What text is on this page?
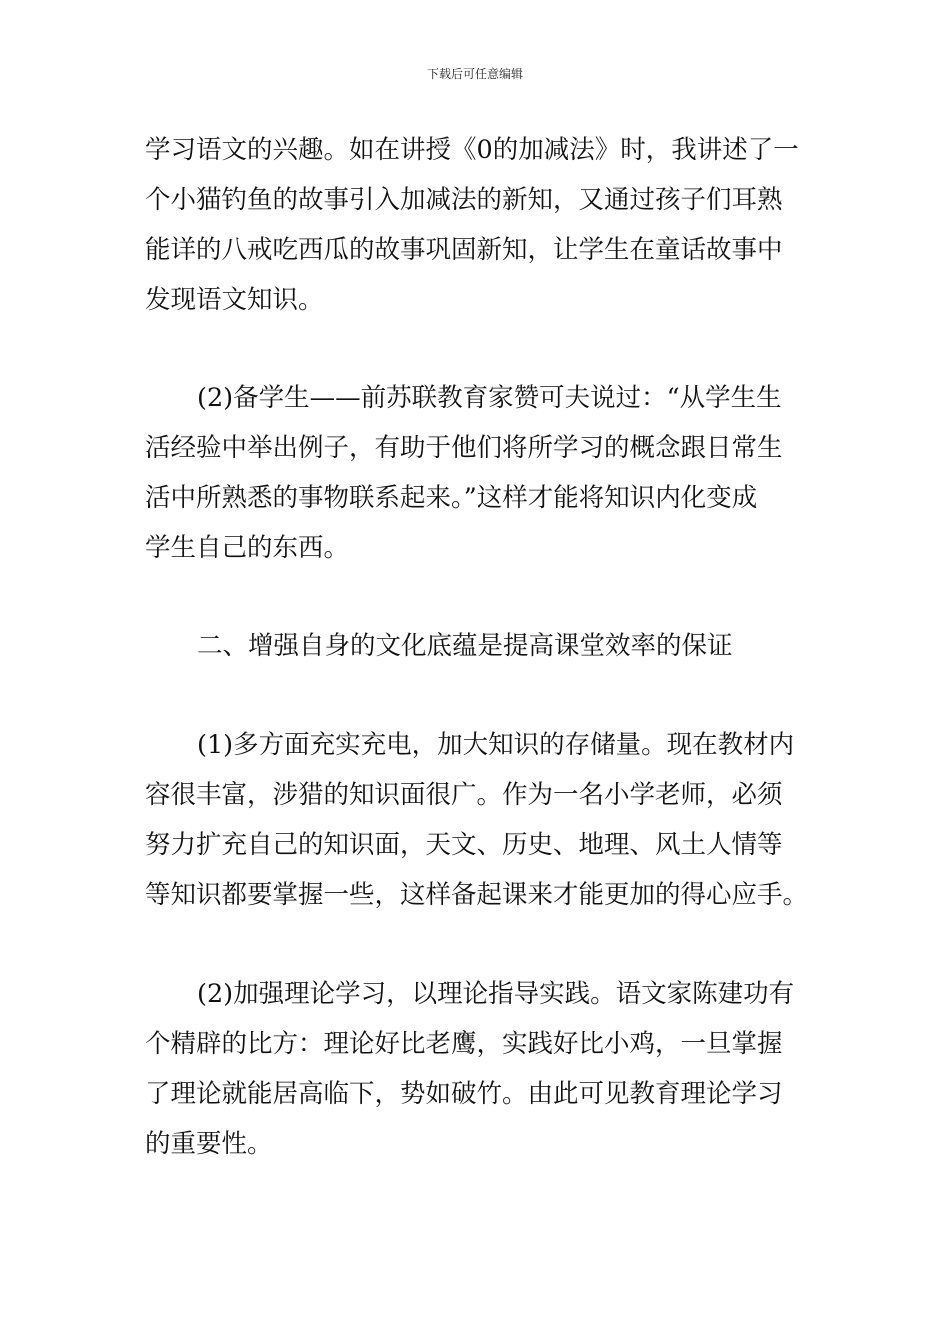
下载后可任意编辑
学习语文的兴趣。如在讲授《0的加减法》时，我讲述了一
个小猫钓鱼的故事引入加减法的新知，又通过孩子们耳熟
能详的八戒吃西瓜的故事巩固新知，让学生在童话故事中
发现语文知识。
(2)备学生——前苏联教育家赞可夫说过：“从学生生
活经验中举出例子，有助于他们将所学习的概念跟日常生
活中所熟悉的事物联系起来。”这样才能将知识内化变成
学生自己的东西。
二、增强自身的文化底蕴是提高课堂效率的保证
(1)多方面充实充电，加大知识的存储量。现在教材内
容很丰富，涉猎的知识面很广。作为一名小学老师，必须
努力扩充自己的知识面，天文、历史、地理、风土人情等
等知识都要掌握一些，这样备起课来才能更加的得心应手。
(2)加强理论学习，以理论指导实践。语文家陈建功有
个精辟的比方：理论好比老鹰，实践好比小鸡，一旦掌握
了理论就能居高临下，势如破竹。由此可见教育理论学习
的重要性。
